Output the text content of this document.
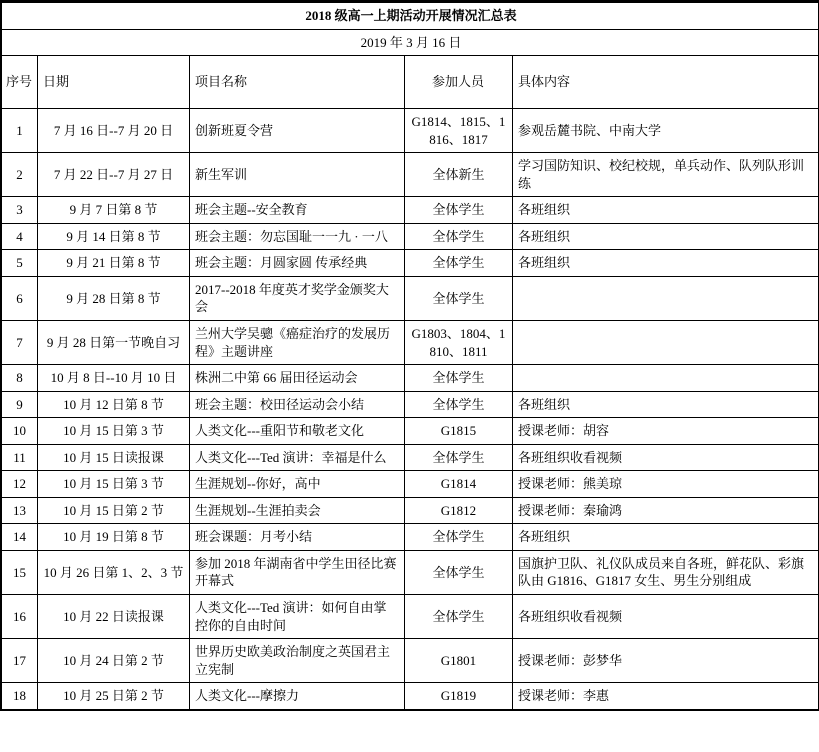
2018 级高一上期活动开展情况汇总表				
2019 年 3 月 16 日				
序号	日期	项目名称	参加人员	具体内容
1	7 月 16 日--7 月 20 日	创新班夏令营	G1814、1815、1816、1817	参观岳麓书院、中南大学
2	7 月 22 日--7 月 27 日	新生军训	全体新生	学习国防知识、校纪校规，单兵动作、队列队形训练
3	9 月 7 日第 8 节	班会主题--安全教育	全体学生	各班组织
4	9 月 14 日第 8 节	班会主题：勿忘国耻一一九 · 一八	全体学生	各班组织
5	9 月 21 日第 8 节	班会主题：月圆家圆 传承经典	全体学生	各班组织
6	9 月 28 日第 8 节	2017--2018 年度英才奖学金颁奖大会	全体学生	
7	9 月 28 日第一节晚自习	兰州大学吴骢《癌症治疗的发展历程》主题讲座	G1803、1804、1810、1811	
8	10 月 8 日--10 月 10 日	株洲二中第 66 届田径运动会	全体学生	
9	10 月 12 日第 8 节	班会主题：校田径运动会小结	全体学生	各班组织
10	10 月 15 日第 3 节	人类文化---重阳节和敬老文化	G1815	授课老师：胡容
11	10 月 15 日读报课	人类文化---Ted 演讲：幸福是什么	全体学生	各班组织收看视频
12	10 月 15 日第 3 节	生涯规划--你好，高中	G1814	授课老师：熊美琼
13	10 月 15 日第 2 节	生涯规划--生涯拍卖会	G1812	授课老师：秦瑜鸿
14	10 月 19 日第 8 节	班会课题：月考小结	全体学生	各班组织
15	10 月 26 日第 1、2、3 节	参加 2018 年湖南省中学生田径比赛开幕式	全体学生	国旗护卫队、礼仪队成员来自各班，鲜花队、彩旗队由 G1816、G1817 女生、男生分别组成
16	10 月 22 日读报课	人类文化---Ted 演讲：如何自由掌控你的自由时间	全体学生	各班组织收看视频
17	10 月 24 日第 2 节	世界历史欧美政治制度之英国君主立宪制	G1801	授课老师：彭梦华
18	10 月 25 日第 2 节	人类文化---摩擦力	G1819	授课老师：李惠
